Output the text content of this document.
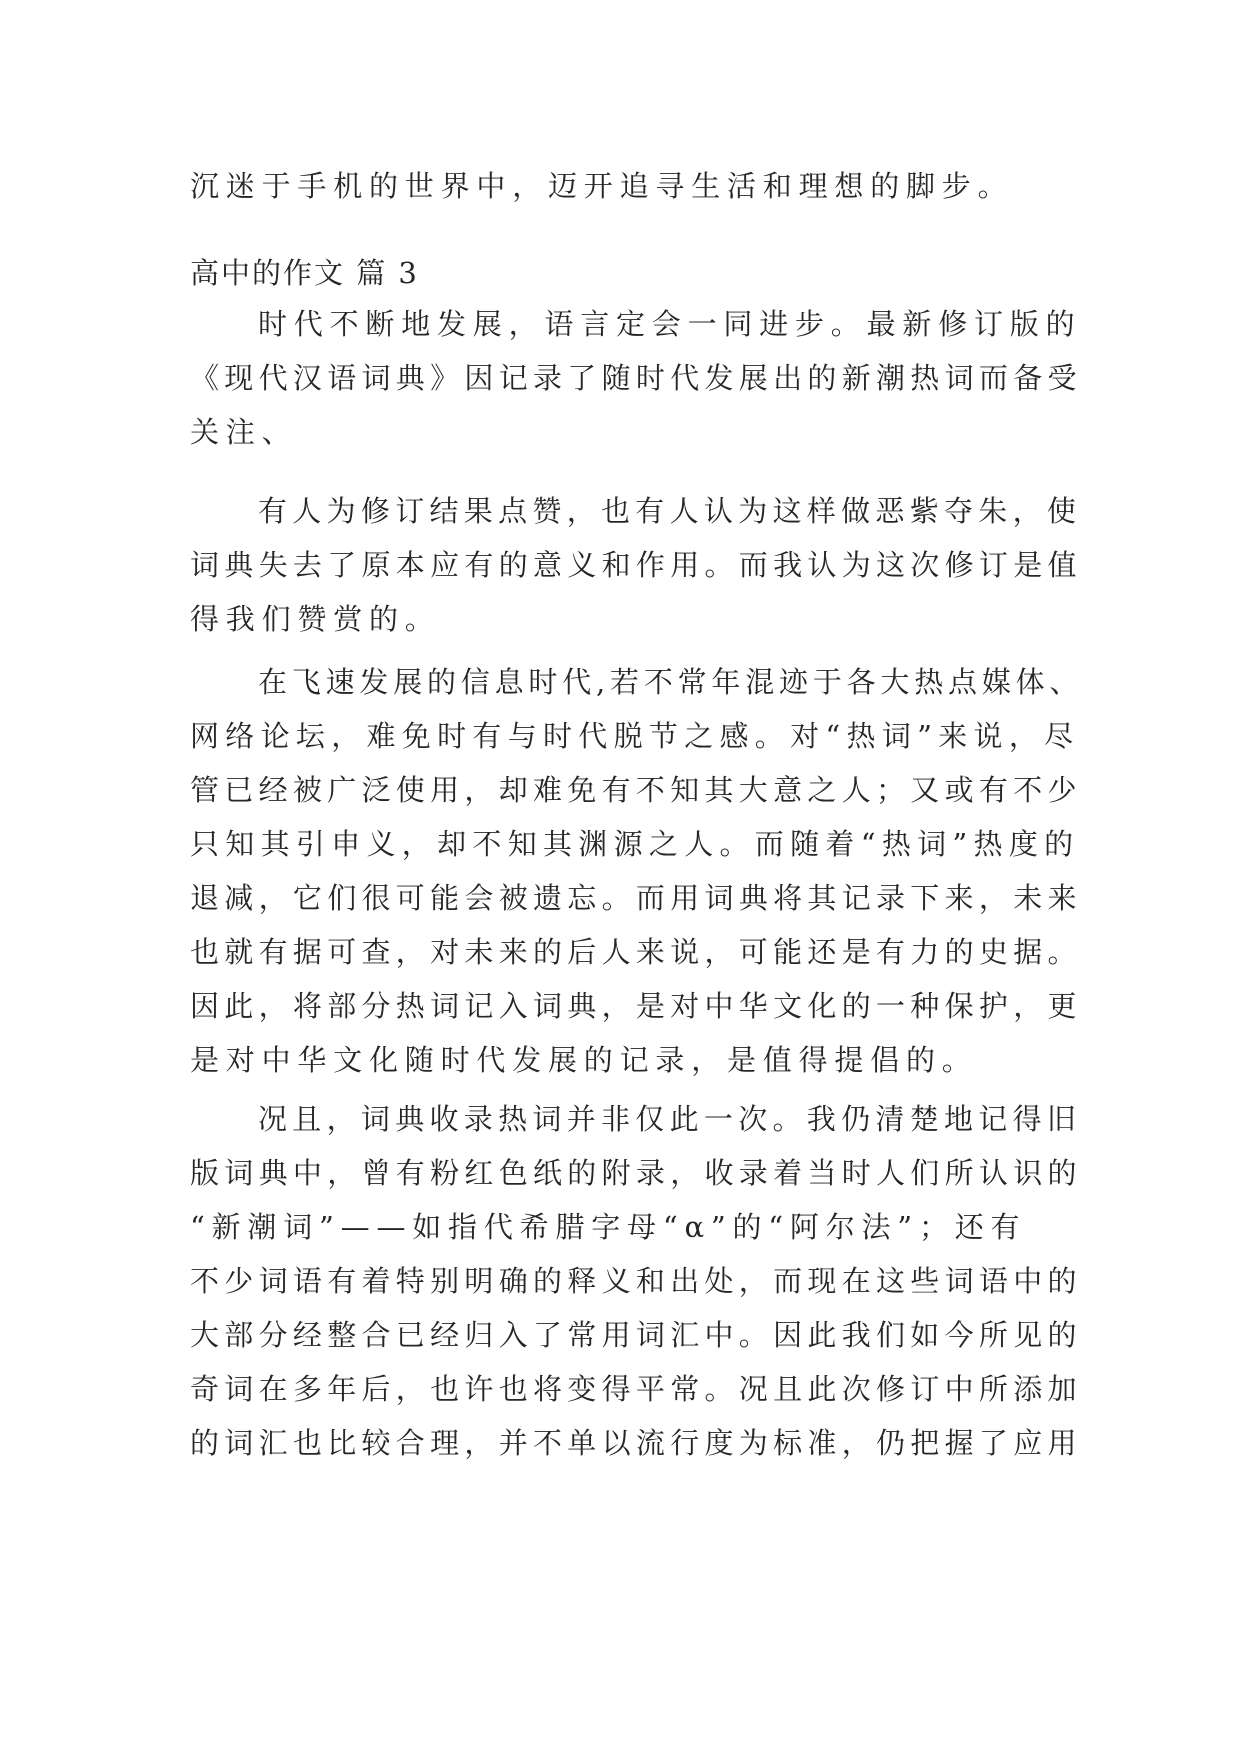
沉迷于手机的世界中，迈开追寻生活和理想的脚步。
高中的作文 篇 3
时代不断地发展，语言定会一同进步。最新修订版的
《现代汉语词典》因记录了随时代发展出的新潮热词而备受
关注、
有人为修订结果点赞，也有人认为这样做恶紫夺朱，使
词典失去了原本应有的意义和作用。而我认为这次修订是值
得我们赞赏的。
在飞速发展的信息时代,若不常年混迹于各大热点媒体、
网络论坛，难免时有与时代脱节之感。对“热词”来说，尽
管已经被广泛使用，却难免有不知其大意之人；又或有不少
只知其引申义，却不知其渊源之人。而随着“热词”热度的
退减，它们很可能会被遗忘。而用词典将其记录下来，未来
也就有据可查，对未来的后人来说，可能还是有力的史据。
因此，将部分热词记入词典，是对中华文化的一种保护，更
是对中华文化随时代发展的记录，是值得提倡的。
况且，词典收录热词并非仅此一次。我仍清楚地记得旧
版词典中，曾有粉红色纸的附录，收录着当时人们所认识的
“新潮词”——如指代希腊字母“α”的“阿尔法”；还有
不少词语有着特别明确的释义和出处，而现在这些词语中的
大部分经整合已经归入了常用词汇中。因此我们如今所见的
奇词在多年后，也许也将变得平常。况且此次修订中所添加
的词汇也比较合理，并不单以流行度为标准，仍把握了应用
